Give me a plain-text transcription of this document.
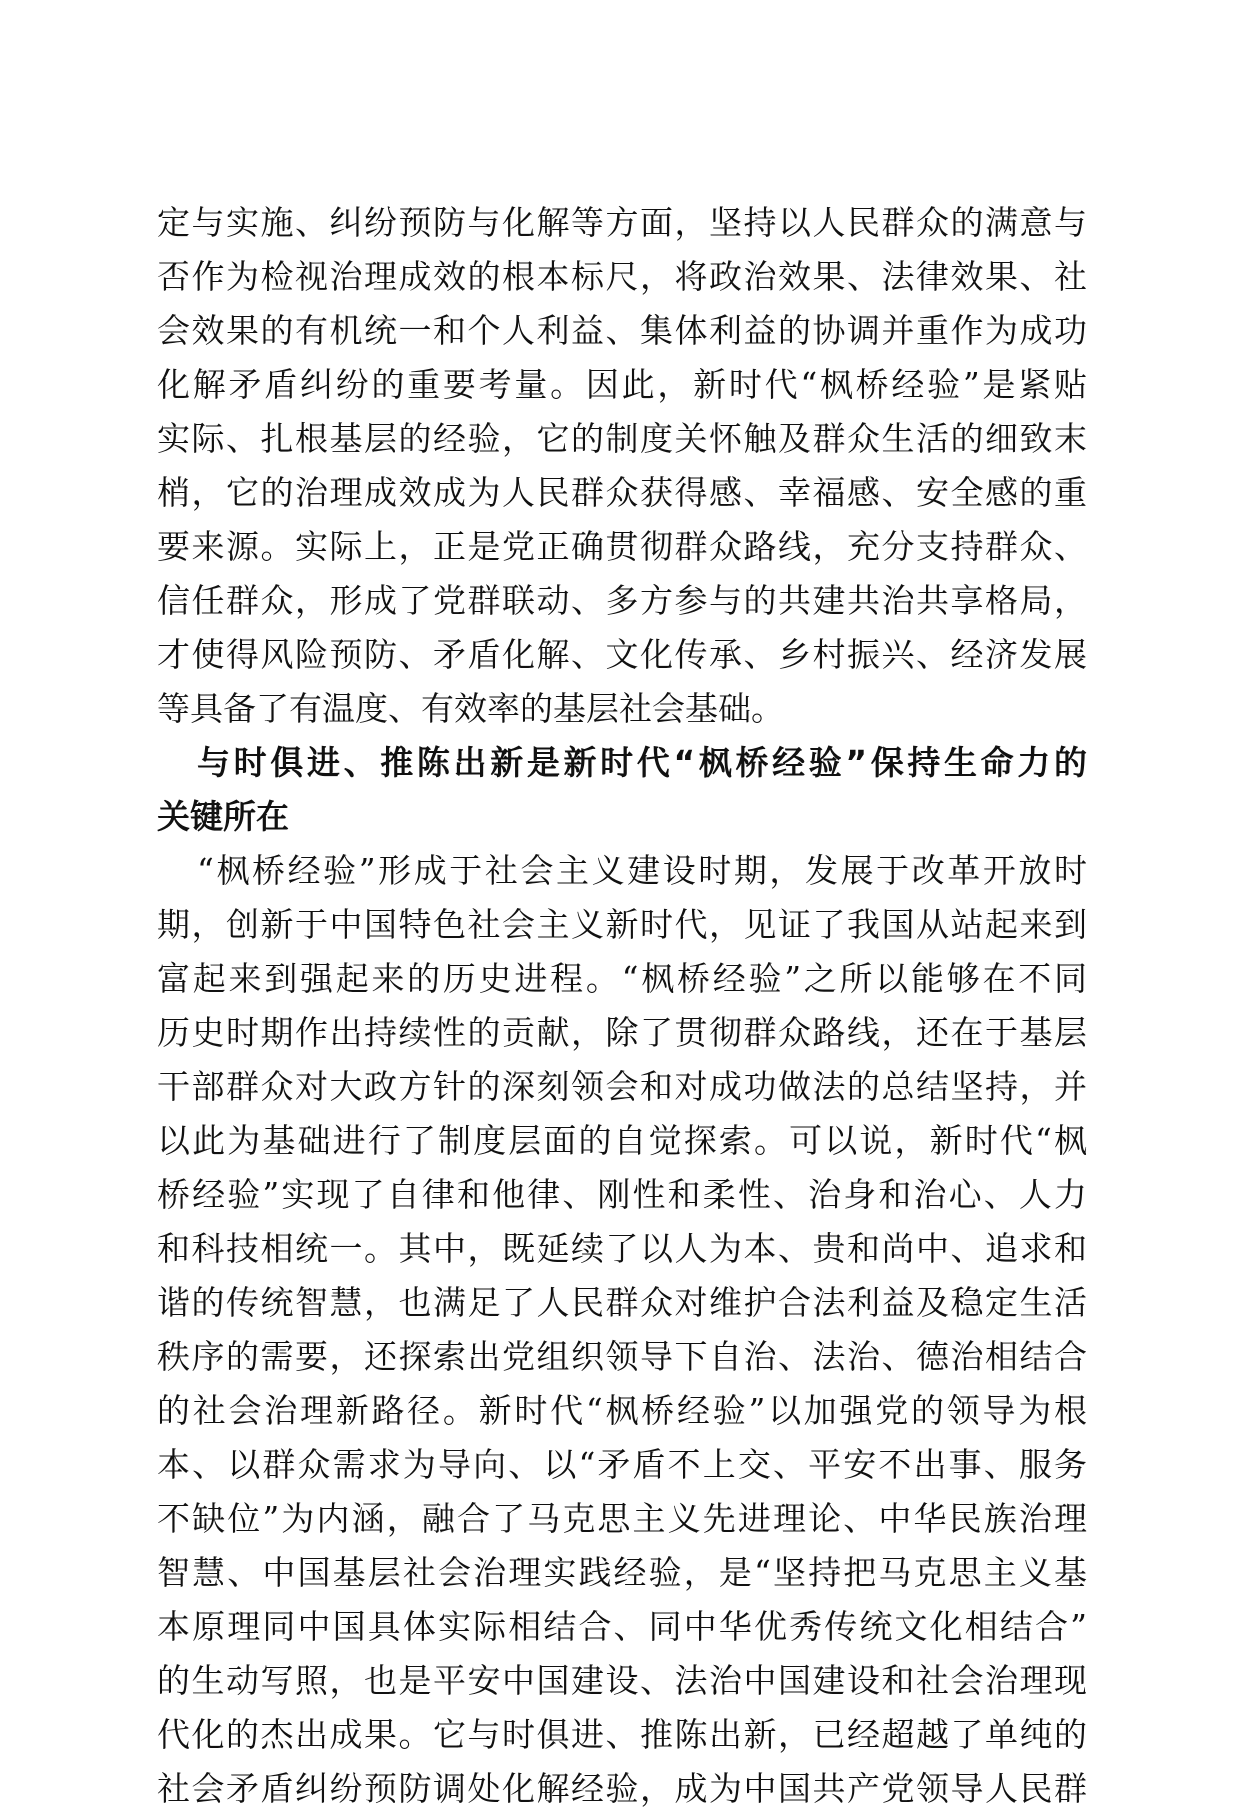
定与实施、纠纷预防与化解等方面，坚持以人民群众的满意与
否作为检视治理成效的根本标尺，将政治效果、法律效果、社
会效果的有机统一和个人利益、集体利益的协调并重作为成功
化解矛盾纠纷的重要考量。因此，新时代“枫桥经验”是紧贴
实际、扎根基层的经验，它的制度关怀触及群众生活的细致末
梢，它的治理成效成为人民群众获得感、幸福感、安全感的重
要来源。实际上，正是党正确贯彻群众路线，充分支持群众、
信任群众，形成了党群联动、多方参与的共建共治共享格局，
才使得风险预防、矛盾化解、文化传承、乡村振兴、经济发展
等具备了有温度、有效率的基层社会基础。
与时俱进、推陈出新是新时代“枫桥经验”保持生命力的
关键所在
“枫桥经验”形成于社会主义建设时期，发展于改革开放时
期，创新于中国特色社会主义新时代，见证了我国从站起来到
富起来到强起来的历史进程。“枫桥经验”之所以能够在不同
历史时期作出持续性的贡献，除了贯彻群众路线，还在于基层
干部群众对大政方针的深刻领会和对成功做法的总结坚持，并
以此为基础进行了制度层面的自觉探索。可以说，新时代“枫
桥经验”实现了自律和他律、刚性和柔性、治身和治心、人力
和科技相统一。其中，既延续了以人为本、贵和尚中、追求和
谐的传统智慧，也满足了人民群众对维护合法利益及稳定生活
秩序的需要，还探索出党组织领导下自治、法治、德治相结合
的社会治理新路径。新时代“枫桥经验”以加强党的领导为根
本、以群众需求为导向、以“矛盾不上交、平安不出事、服务
不缺位”为内涵，融合了马克思主义先进理论、中华民族治理
智慧、中国基层社会治理实践经验，是“坚持把马克思主义基
本原理同中国具体实际相结合、同中华优秀传统文化相结合”
的生动写照，也是平安中国建设、法治中国建设和社会治理现
代化的杰出成果。它与时俱进、推陈出新，已经超越了单纯的
社会矛盾纠纷预防调处化解经验，成为中国共产党领导人民群
